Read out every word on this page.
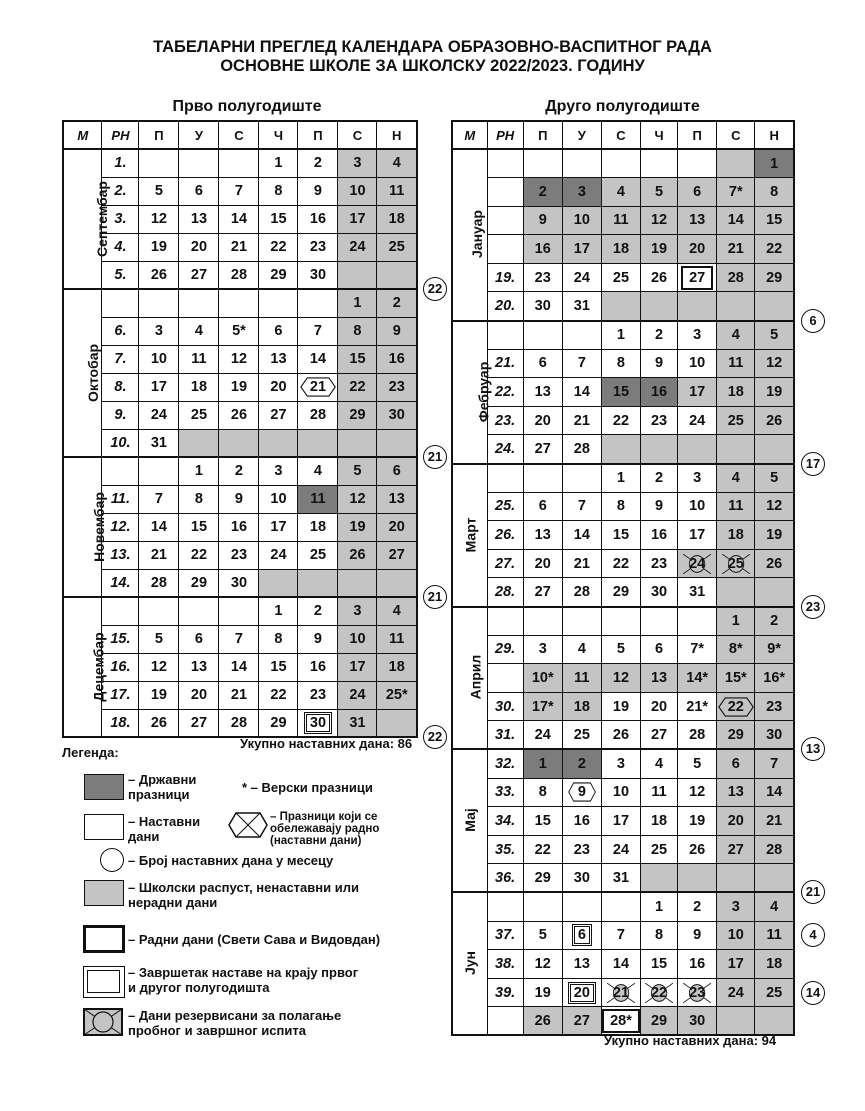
ТАБЕЛАРНИ ПРЕГЛЕД КАЛЕНДАРА ОБРАЗОВНО-ВАСПИТНОГ РАДА
ОСНОВНЕ ШКОЛЕ ЗА ШКОЛСКУ 2022/2023. ГОДИНУ
Прво полугодиште	Друго полугодиште
М	РН	П	У	С	Ч	П	С	Н
Септембар	1.				1	2	3	4
	2.	5	6	7	8	9	10	11
	3.	12	13	14	15	16	17	18
	4.	19	20	21	22	23	24	25
	5.	26	27	28	29	30		
Октобар							1	2
	6.	3	4	5*	6	7	8	9
	7.	10	11	12	13	14	15	16
	8.	17	18	19	20	21	22	23
	9.	24	25	26	27	28	29	30
	10.	31						
Новембар			1	2	3	4	5	6
	11.	7	8	9	10	11	12	13
	12.	14	15	16	17	18	19	20
	13.	21	22	23	24	25	26	27
	14.	28	29	30				
Децембар					1	2	3	4
	15.	5	6	7	8	9	10	11
	16.	12	13	14	15	16	17	18
	17.	19	20	21	22	23	24	25*
	18.	26	27	28	29	30	31	
М	РН	П	У	С	Ч	П	С	Н
Јануар								1
		2	3	4	5	6	7*	8
		9	10	11	12	13	14	15
		16	17	18	19	20	21	22
	19.	23	24	25	26	27	28	29
	20.	30	31					
Фебруар				1	2	3	4	5
	21.	6	7	8	9	10	11	12
	22.	13	14	15	16	17	18	19
	23.	20	21	22	23	24	25	26
	24.	27	28					
Март				1	2	3	4	5
	25.	6	7	8	9	10	11	12
	26.	13	14	15	16	17	18	19
	27.	20	21	22	23	24	25	26
	28.	27	28	29	30	31		
Април							1	2
	29.	3	4	5	6	7*	8*	9*
		10*	11	12	13	14*	15*	16*
	30.	17*	18	19	20	21*	22	23
	31.	24	25	26	27	28	29	30
Мај	32.	1	2	3	4	5	6	7
	33.	8	9	10	11	12	13	14
	34.	15	16	17	18	19	20	21
	35.	22	23	24	25	26	27	28
	36.	29	30	31				
Јун					1	2	3	4
	37.	5	6	7	8	9	10	11
	38.	12	13	14	15	16	17	18
	39.	19	20	21	22	23	24	25
		26	27	28*	29	30		
22
21
21
22
6
17
23
13
21
4
14
Укупно наставних дана: 86
Укупно наставних дана: 94
Легенда:
– Државни празници	* – Верски празници
– Наставни дани
– Празници који се обележавају радно (наставни дани)
– Број наставних дана у месецу
– Школски распуст, ненаставни или нерадни дани
– Радни дани (Свети Сава и Видовдан)
– Завршетак наставе на крају првог и другог полугодишта
– Дани резервисани за полагање пробног и завршног испита
